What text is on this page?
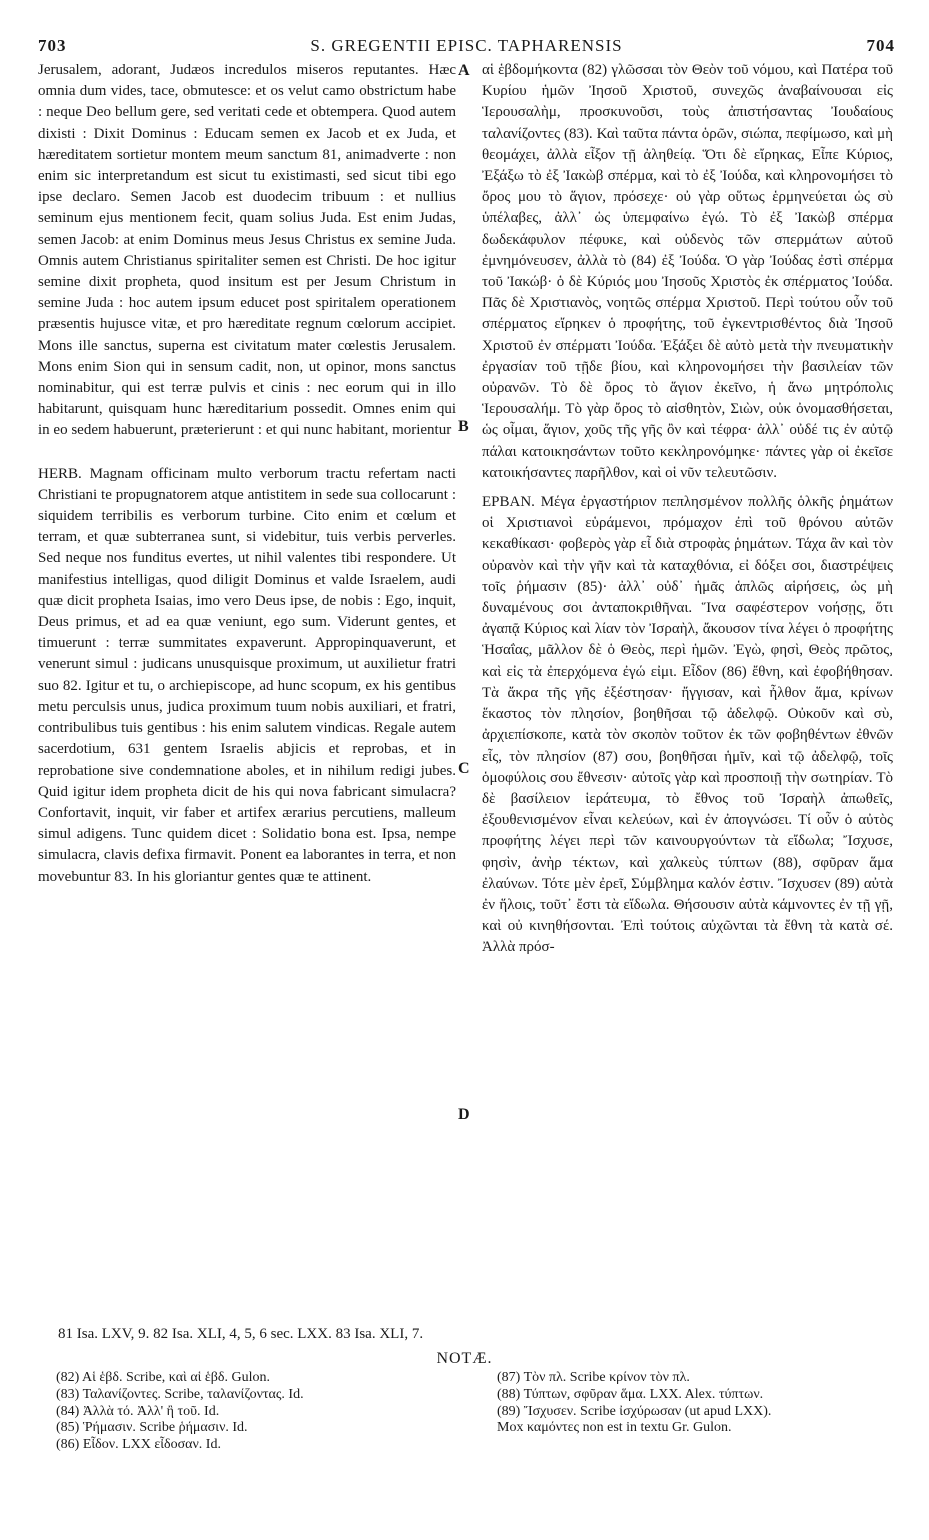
703	S. GREGENTII EPISC. TAPHARENSIS	704

Jerusalem, adorant, Judæos incredulos miseros reputantes. Hæc omnia dum vides, tace, obmutesce: et os velut camo obstrictum habe : neque Deo bellum gere, sed veritati cede et obtempera. Quod autem dixisti : Dixit Dominus : Educam semen ex Jacob et ex Juda, et hæreditatem sortietur montem meum sanctum 81, animadverte : non enim sic interpretandum est sicut tu existimasti, sed sicut tibi ego ipse declaro. Semen Jacob est duodecim tribuum : et nullius seminum ejus mentionem fecit, quam solius Juda. Est enim Judas, semen Jacob: at enim Dominus meus Jesus Christus ex semine Juda. Omnis autem Christianus spiritaliter semen est Christi. De hoc igitur semine dixit propheta, quod insitum est per Jesum Christum in semine Juda : hoc autem ipsum educet post spiritalem operationem præsentis hujusce vitæ, et pro hæreditate regnum cœlorum accipiet. Mons ille sanctus, superna est civitatum mater cœlestis Jerusalem. Mons enim Sion qui in sensum cadit, non, ut opinor, mons sanctus nominabitur, qui est terræ pulvis et cinis : nec eorum qui in illo habitarunt, quisquam hunc hæreditarium possedit. Omnes enim qui in eo sedem habuerunt, præterierunt : et qui nunc habitant, morientur

HERB. Magnam officinam multo verborum tractu refertam nacti Christiani te propugnatorem atque antistitem in sede sua collocarunt : siquidem terribilis es verborum turbine. Cito enim et cœlum et terram, et quæ subterranea sunt, si videbitur, tuis verbis perverles. Sed neque nos funditus evertes, ut nihil valentes tibi respondere. Ut manifestius intelligas, quod diligit Dominus et valde Israelem, audi quæ dicit propheta Isaias, imo vero Deus ipse, de nobis : Ego, inquit, Deus primus, et ad ea quæ veniunt, ego sum. Viderunt gentes, et timuerunt : terræ summitates expaverunt. Appropinquaverunt, et venerunt simul : judicans unusquisque proximum, ut auxilietur fratri suo 82. Igitur et tu, o archiepiscope, ad hunc scopum, ex his gentibus metu perculsis unus, judica proximum tuum nobis auxiliari, et fratri, contribulibus tuis gentibus : his enim salutem vindicas. Regale autem sacerdotium, 631 gentem Israelis abjicis et reprobas, et in reprobatione sive condemnatione aboles, et in nihilum redigi jubes. Quid igitur idem propheta dicit de his qui nova fabricant simulacra? Confortavit, inquit, vir faber et artifex ærarius percutiens, malleum simul adigens. Tunc quidem dicet : Solidatio bona est. Ipsa, nempe simulacra, clavis defixa firmavit. Ponent ea laborantes in terra, et non movebuntur 83. In his gloriantur gentes quæ te attinent.

A
B
C
D

αἱ ἑβδομήκοντα (82) γλῶσσαι τὸν Θεὸν τοῦ νόμου, καὶ Πατέρα τοῦ Κυρίου ἡμῶν Ἰησοῦ Χριστοῦ, συνεχῶς ἀναβαίνουσαι εἰς Ἱερουσαλὴμ, προσκυνοῦσι, τοὺς ἀπιστήσαντας Ἰουδαίους ταλανίζοντες (83). Καὶ ταῦτα πάντα ὁρῶν, σιώπα, πεφίμωσο, καὶ μὴ θεομάχει, ἀλλὰ εἶξον τῇ ἀληθείᾳ. Ὅτι δὲ εἴρηκας, Εἶπε Κύριος, Ἐξάξω τὸ ἐξ Ἰακὼβ σπέρμα, καὶ τὸ ἐξ Ἰούδα, καὶ κληρονομήσει τὸ ὄρος μου τὸ ἅγιον, πρόσεχε· οὐ γὰρ οὕτως ἑρμηνεύεται ὡς σὺ ὑπέλαβες, ἀλλ᾽ ὡς ὑπεμφαίνω ἐγώ. Τὸ ἐξ Ἰακὼβ σπέρμα δωδεκάφυλον πέφυκε, καὶ οὐδενὸς τῶν σπερμάτων αὐτοῦ ἐμνημόνευσεν, ἀλλὰ τὸ (84) ἐξ Ἰούδα. Ὁ γὰρ Ἰούδας ἐστὶ σπέρμα τοῦ Ἰακώβ· ὁ δὲ Κύριός μου Ἰησοῦς Χριστὸς ἐκ σπέρματος Ἰούδα. Πᾶς δὲ Χριστιανὸς, νοητῶς σπέρμα Χριστοῦ. Περὶ τούτου οὖν τοῦ σπέρματος εἴρηκεν ὁ προφήτης, τοῦ ἐγκεντρισθέντος διὰ Ἰησοῦ Χριστοῦ ἐν σπέρματι Ἰούδα. Ἐξάξει δὲ αὐτὸ μετὰ τὴν πνευματικὴν ἐργασίαν τοῦ τῇδε βίου, καὶ κληρονομήσει τὴν βασιλείαν τῶν οὐρανῶν. Τὸ δὲ ὄρος τὸ ἅγιον ἐκεῖνο, ἡ ἄνω μητρόπολις Ἱερουσαλήμ. Τὸ γὰρ ὄρος τὸ αἰσθητὸν, Σιὼν, οὐκ ὀνομασθήσεται, ὡς οἶμαι, ἅγιον, χοῦς τῆς γῆς ὂν καὶ τέφρα· ἀλλ᾽ οὐδέ τις ἐν αὐτῷ πάλαι κατοικησάντων τοῦτο κεκληρονόμηκε· πάντες γὰρ οἱ ἐκεῖσε κατοικήσαντες παρῆλθον, καὶ οἱ νῦν τελευτῶσιν.

ΕΡΒΑΝ. Μέγα ἐργαστήριον πεπλησμένον πολλῆς ὁλκῆς ῥημάτων οἱ Χριστιανοὶ εὑράμενοι, πρόμαχον ἐπὶ τοῦ θρόνου αὐτῶν κεκαθίκασι· φοβερὸς γὰρ εἶ διὰ στροφὰς ῥημάτων. Τάχα ἂν καὶ τὸν οὐρανὸν καὶ τὴν γῆν καὶ τὰ καταχθόνια, εἰ δόξει σοι, διαστρέψεις τοῖς ῥήμασιν (85)· ἀλλ᾽ οὐδ᾽ ἡμᾶς ἁπλῶς αἱρήσεις, ὡς μὴ δυναμένους σοι ἀνταποκριθῆναι. Ἵνα σαφέστερον νοήσῃς, ὅτι ἀγαπᾷ Κύριος καὶ λίαν τὸν Ἰσραὴλ, ἄκουσον τίνα λέγει ὁ προφήτης Ἡσαΐας, μᾶλλον δὲ ὁ Θεὸς, περὶ ἡμῶν. Ἐγὼ, φησὶ, Θεὸς πρῶτος, καὶ εἰς τὰ ἐπερχόμενα ἐγώ εἰμι. Εἶδον (86) ἔθνη, καὶ ἐφοβήθησαν. Τὰ ἄκρα τῆς γῆς ἐξέστησαν· ἤγγισαν, καὶ ἦλθον ἅμα, κρίνων ἕκαστος τὸν πλησίον, βοηθῆσαι τῷ ἀδελφῷ. Οὐκοῦν καὶ σὺ, ἀρχιεπίσκοπε, κατὰ τὸν σκοπὸν τοῦτον ἐκ τῶν φοβηθέντων ἐθνῶν εἷς, τὸν πλησίον (87) σου, βοηθῆσαι ἡμῖν, καὶ τῷ ἀδελφῷ, τοῖς ὁμοφύλοις σου ἔθνεσιν· αὐτοῖς γὰρ καὶ προσποιῇ τὴν σωτηρίαν. Τὸ δὲ βασίλειον ἱεράτευμα, τὸ ἔθνος τοῦ Ἰσραὴλ ἀπωθεῖς, ἐξουθενισμένον εἶναι κελεύων, καὶ ἐν ἀπογνώσει. Τί οὖν ὁ αὐτὸς προφήτης λέγει περὶ τῶν καινουργούντων τὰ εἴδωλα; Ἴσχυσε, φησὶν, ἀνὴρ τέκτων, καὶ χαλκεὺς τύπτων (88), σφῦραν ἅμα ἐλαύνων. Τότε μὲν ἐρεῖ, Σύμβλημα καλόν ἐστιν. Ἴσχυσεν (89) αὐτὰ ἐν ἥλοις, τοῦτ᾽ ἔστι τὰ εἴδωλα. Θήσουσιν αὐτὰ κάμνοντες ἐν τῇ γῇ, καὶ οὐ κινηθήσονται. Ἐπὶ τούτοις αὐχῶνται τὰ ἔθνη τὰ κατὰ σέ. Ἀλλὰ πρόσ-

81 Isa. LXV, 9. 82 Isa. XLI, 4, 5, 6 sec. LXX. 83 Isa. XLI, 7.
NOTÆ.
(82) Αἱ ἑβδ. Scribe, καὶ αἱ ἑβδ. Gulon.
(83) Ταλανίζοντες. Scribe, ταλανίζοντας. Id.
(84) Ἀλλὰ τό. Ἀλλ' ἢ τοῦ. Id.
(85) Ῥήμασιν. Scribe ῥήμασιν. Id.
(86) Εἶδον. LXX εἶδοσαν. Id.
(87) Τὸν πλ. Scribe κρίνον τὸν πλ.
(88) Τύπτων, σφῦραν ἅμα. LXX. Alex. τύπτων.
(89) Ἴσχυσεν. Scribe ἰσχύρωσαν (ut apud LXX).
Mox καμόντες non est in textu Gr. Gulon.
